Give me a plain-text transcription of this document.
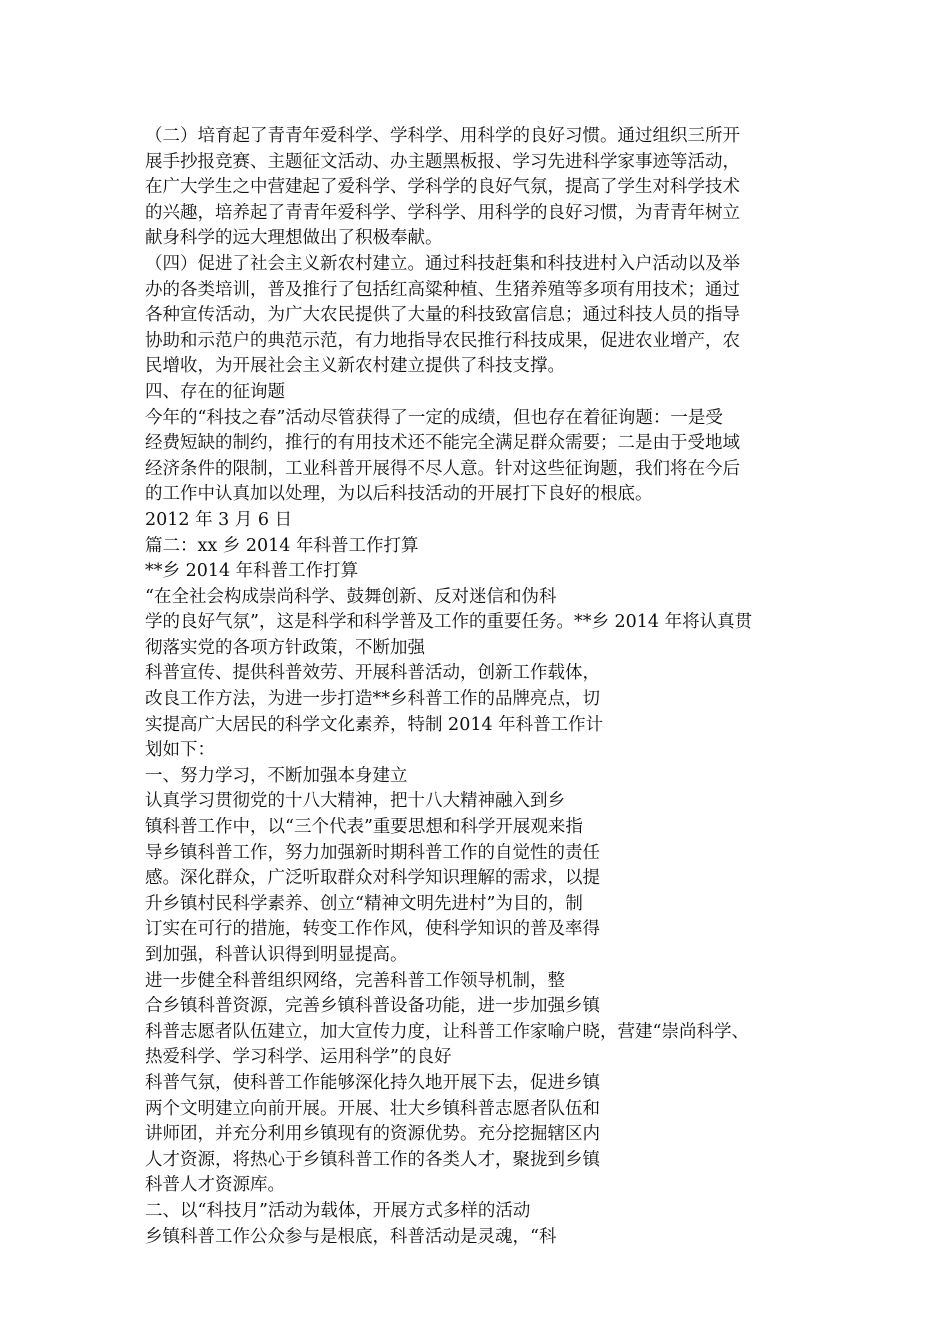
（二）培育起了青青年爱科学、学科学、用科学的良好习惯。通过组织三所开
展手抄报竞赛、主题征文活动、办主题黑板报、学习先进科学家事迹等活动，
在广大学生之中营建起了爱科学、学科学的良好气氛，提高了学生对科学技术
的兴趣，培养起了青青年爱科学、学科学、用科学的良好习惯，为青青年树立
献身科学的远大理想做出了积极奉献。
（四）促进了社会主义新农村建立。通过科技赶集和科技进村入户活动以及举
办的各类培训，普及推行了包括红高粱种植、生猪养殖等多项有用技术；通过
各种宣传活动，为广大农民提供了大量的科技致富信息；通过科技人员的指导
协助和示范户的典范示范，有力地指导农民推行科技成果，促进农业增产，农
民增收，为开展社会主义新农村建立提供了科技支撑。
四、存在的征询题
今年的“科技之春”活动尽管获得了一定的成绩，但也存在着征询题：一是受
经费短缺的制约，推行的有用技术还不能完全满足群众需要；二是由于受地域
经济条件的限制，工业科普开展得不尽人意。针对这些征询题，我们将在今后
的工作中认真加以处理，为以后科技活动的开展打下良好的根底。
2012 年 3 月 6 日
篇二：xx 乡 2014 年科普工作打算
**乡 2014 年科普工作打算
“在全社会构成崇尚科学、鼓舞创新、反对迷信和伪科
学的良好气氛”，这是科学和科学普及工作的重要任务。**乡 2014 年将认真贯
彻落实党的各项方针政策，不断加强
科普宣传、提供科普效劳、开展科普活动，创新工作载体，
改良工作方法，为进一步打造**乡科普工作的品牌亮点，切
实提高广大居民的科学文化素养，特制 2014 年科普工作计
划如下：
一、努力学习，不断加强本身建立
认真学习贯彻党的十八大精神，把十八大精神融入到乡
镇科普工作中，以“三个代表”重要思想和科学开展观来指
导乡镇科普工作，努力加强新时期科普工作的自觉性的责任
感。深化群众，广泛听取群众对科学知识理解的需求，以提
升乡镇村民科学素养、创立“精神文明先进村”为目的，制
订实在可行的措施，转变工作作风，使科学知识的普及率得
到加强，科普认识得到明显提高。
进一步健全科普组织网络，完善科普工作领导机制，整
合乡镇科普资源，完善乡镇科普设备功能，进一步加强乡镇
科普志愿者队伍建立，加大宣传力度，让科普工作家喻户晓，营建“崇尚科学、
热爱科学、学习科学、运用科学”的良好
科普气氛，使科普工作能够深化持久地开展下去，促进乡镇
两个文明建立向前开展。开展、壮大乡镇科普志愿者队伍和
讲师团，并充分利用乡镇现有的资源优势。充分挖掘辖区内
人才资源，将热心于乡镇科普工作的各类人才，聚拢到乡镇
科普人才资源库。
二、以“科技月”活动为载体，开展方式多样的活动
乡镇科普工作公众参与是根底，科普活动是灵魂，“科
